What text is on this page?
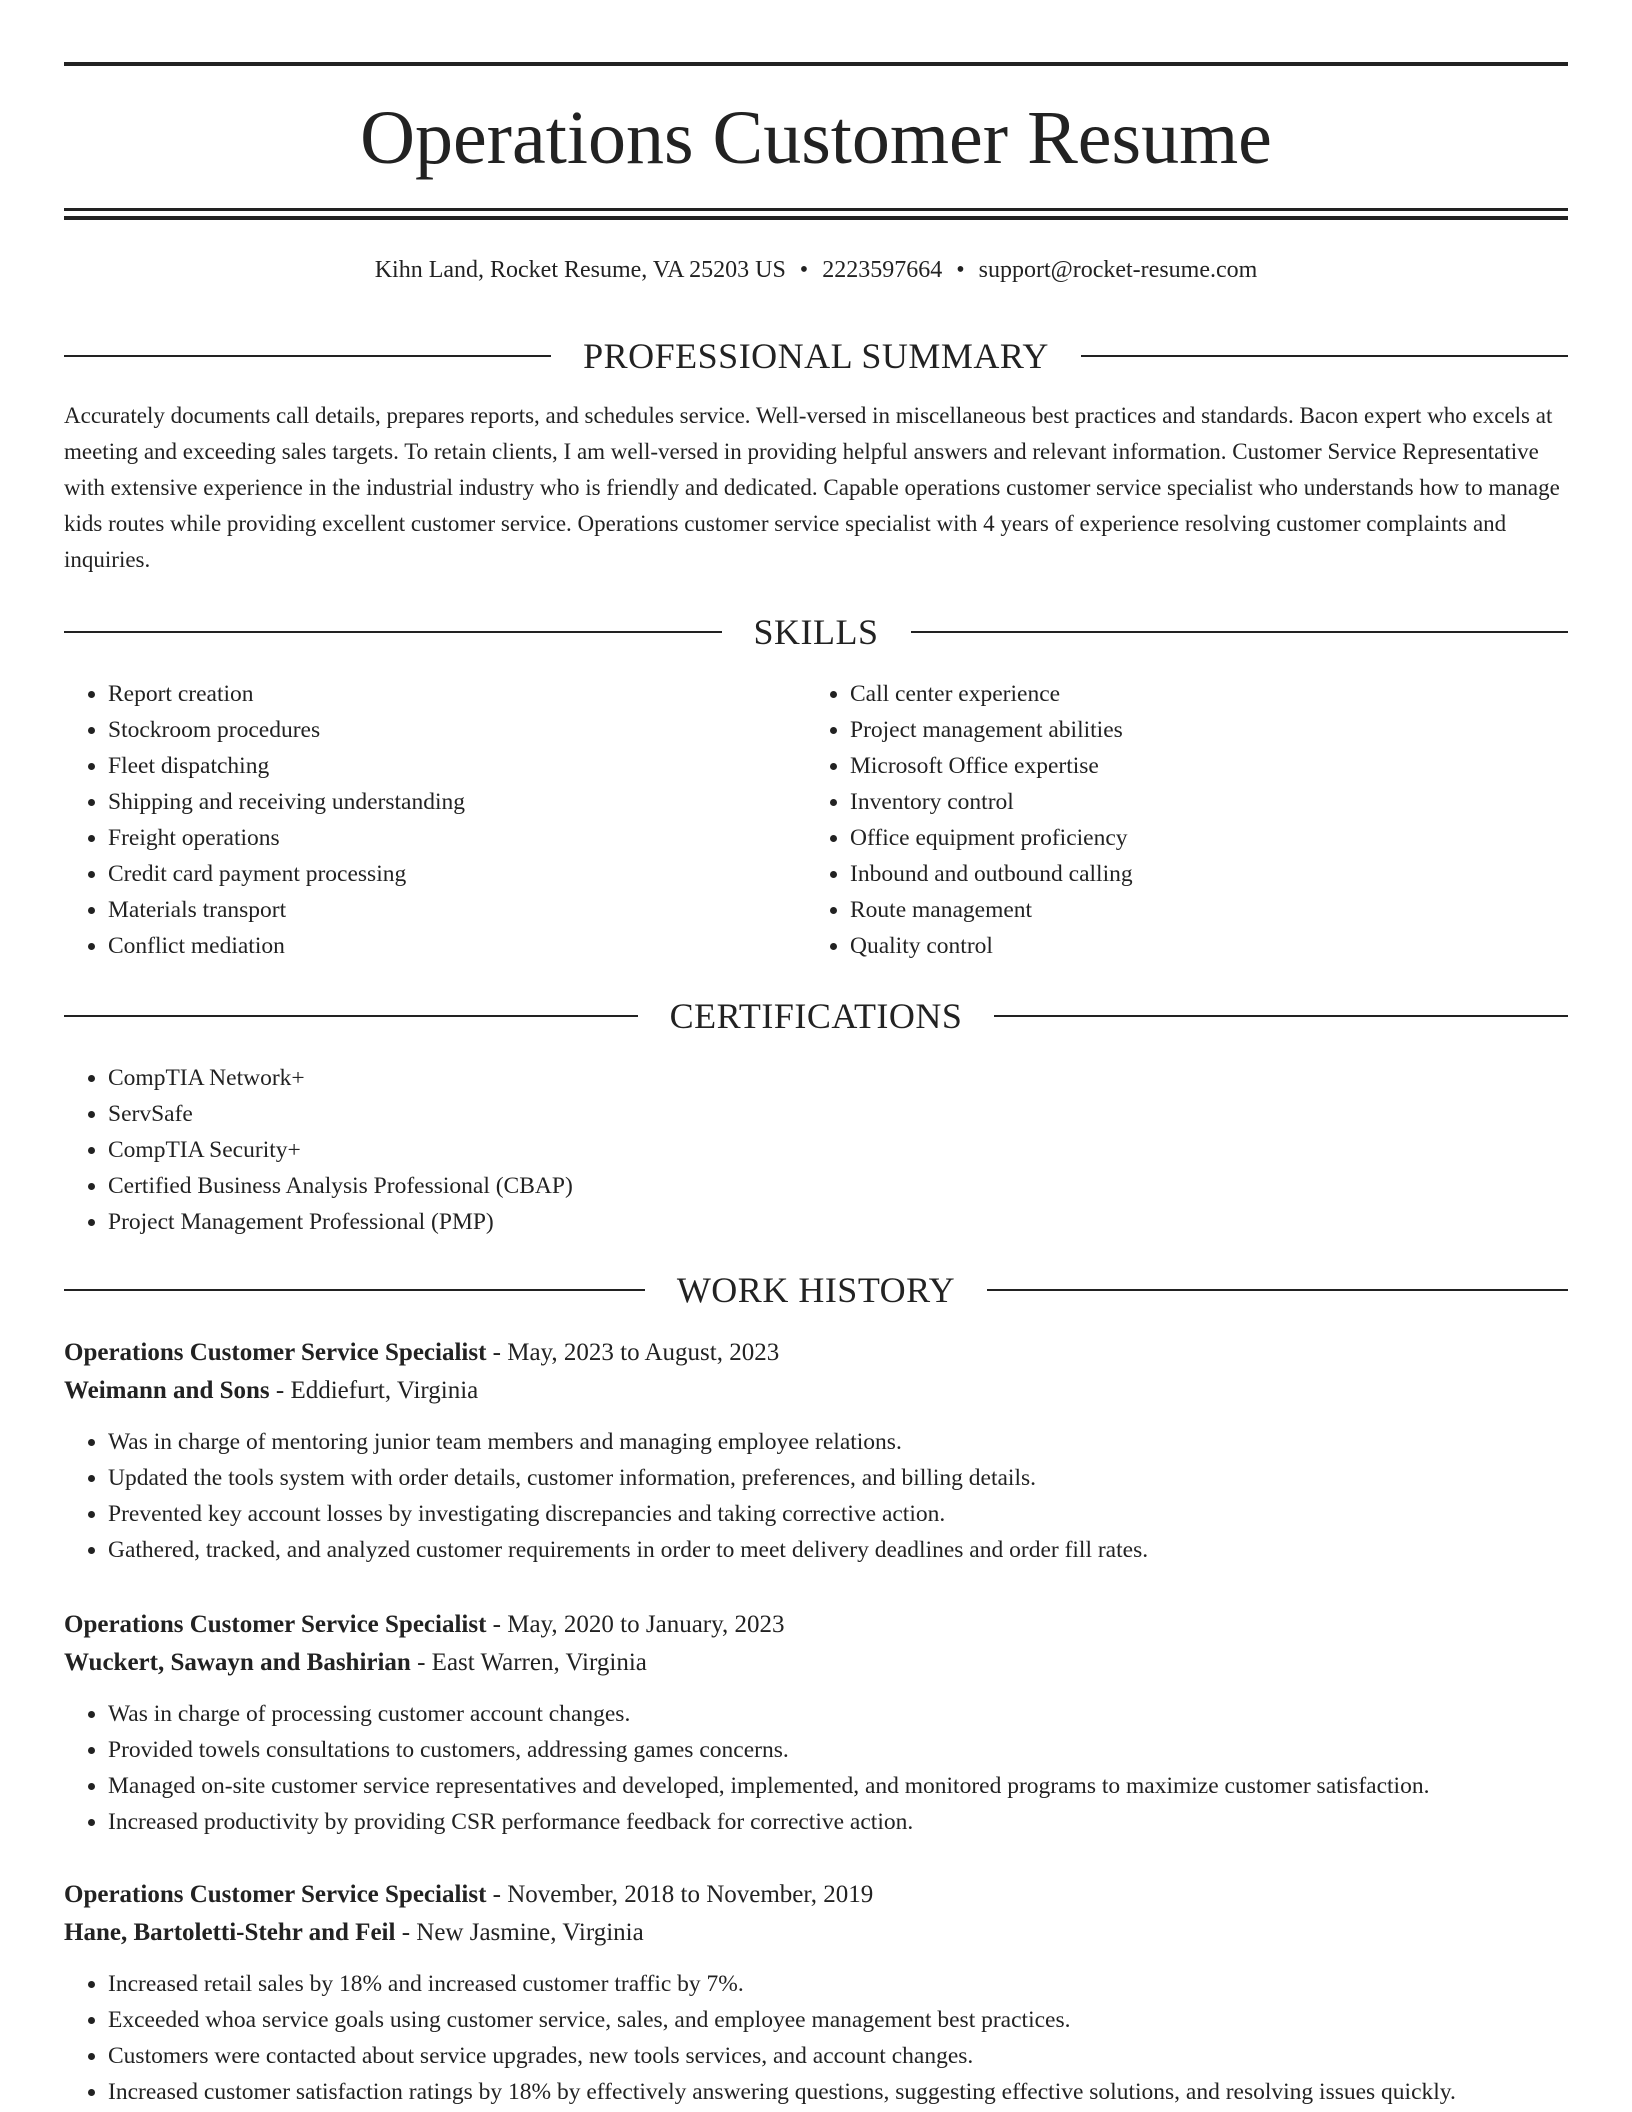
Operations Customer Resume
Kihn Land, Rocket Resume, VA 25203 US • 2223597664 • support@rocket-resume.com
PROFESSIONAL SUMMARY

Accurately documents call details, prepares reports, and schedules service. Well-versed in miscellaneous best practices and standards. Bacon expert who excels at meeting and exceeding sales targets. To retain clients, I am well-versed in providing helpful answers and relevant information. Customer Service Representative with extensive experience in the industrial industry who is friendly and dedicated. Capable operations customer service specialist who understands how to manage kids routes while providing excellent customer service. Operations customer service specialist with 4 years of experience resolving customer complaints and inquiries.

SKILLS
• Report creation
• Stockroom procedures
• Fleet dispatching
• Shipping and receiving understanding
• Freight operations
• Credit card payment processing
• Materials transport
• Conflict mediation
• Call center experience
• Project management abilities
• Microsoft Office expertise
• Inventory control
• Office equipment proficiency
• Inbound and outbound calling
• Route management
• Quality control
CERTIFICATIONS
• CompTIA Network+
• ServSafe
• CompTIA Security+
• Certified Business Analysis Professional (CBAP)
• Project Management Professional (PMP)
WORK HISTORY
Operations Customer Service Specialist - May, 2023 to August, 2023
Weimann and Sons - Eddiefurt, Virginia
• Was in charge of mentoring junior team members and managing employee relations.
• Updated the tools system with order details, customer information, preferences, and billing details.
• Prevented key account losses by investigating discrepancies and taking corrective action.
• Gathered, tracked, and analyzed customer requirements in order to meet delivery deadlines and order fill rates.
Operations Customer Service Specialist - May, 2020 to January, 2023
Wuckert, Sawayn and Bashirian - East Warren, Virginia
• Was in charge of processing customer account changes.
• Provided towels consultations to customers, addressing games concerns.
• Managed on-site customer service representatives and developed, implemented, and monitored programs to maximize customer satisfaction.
• Increased productivity by providing CSR performance feedback for corrective action.
Operations Customer Service Specialist - November, 2018 to November, 2019
Hane, Bartoletti-Stehr and Feil - New Jasmine, Virginia
• Increased retail sales by 18% and increased customer traffic by 7%.
• Exceeded whoa service goals using customer service, sales, and employee management best practices.
• Customers were contacted about service upgrades, new tools services, and account changes.
• Increased customer satisfaction ratings by 18% by effectively answering questions, suggesting effective solutions, and resolving issues quickly.
